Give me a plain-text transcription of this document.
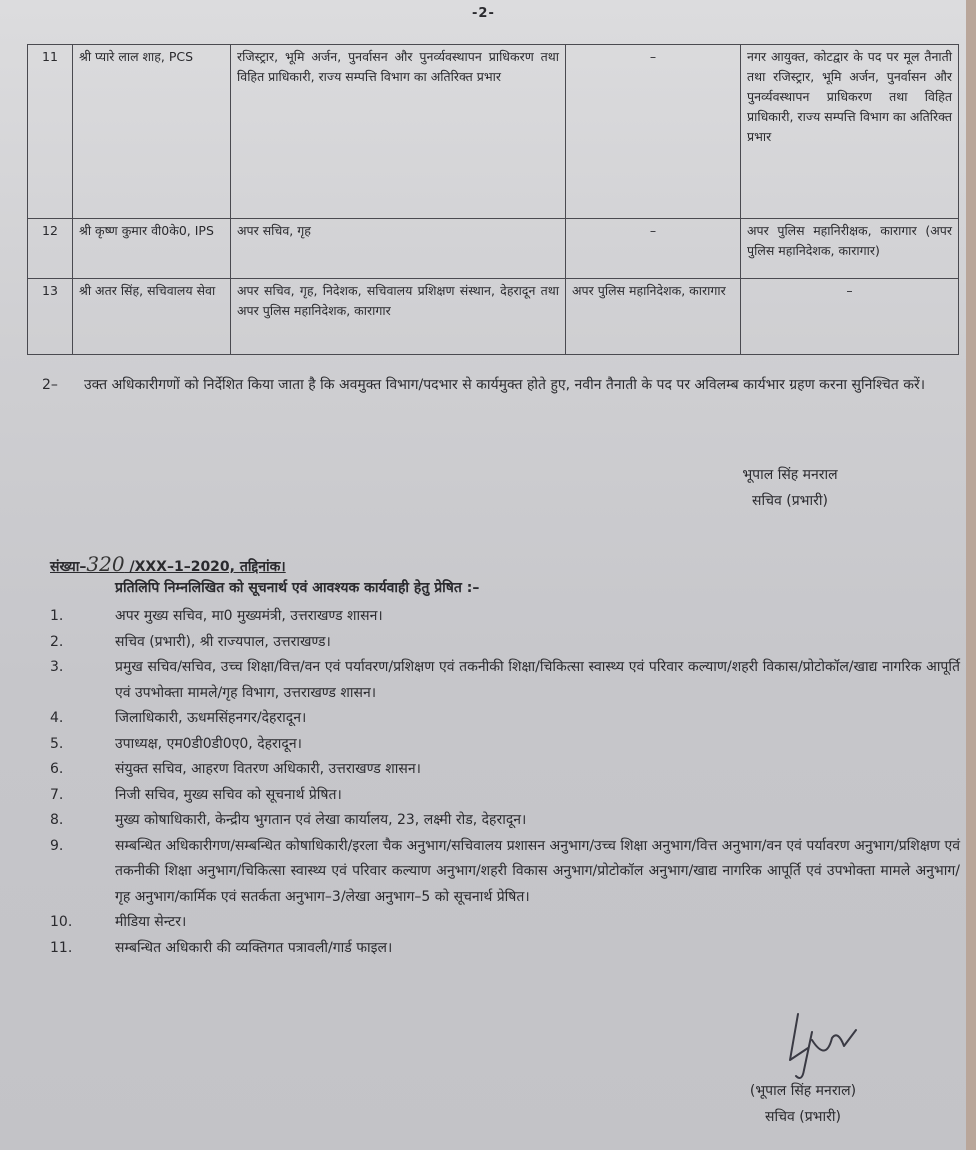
-2-
11	श्री प्यारे लाल शाह, PCS	रजिस्ट्रार, भूमि अर्जन, पुनर्वासन और पुनर्व्यवस्थापन प्राधिकरण तथा विहित प्राधिकारी, राज्य सम्पत्ति विभाग का अतिरिक्त प्रभार	–	नगर आयुक्त, कोटद्वार के पद पर मूल तैनाती तथा रजिस्ट्रार, भूमि अर्जन, पुनर्वासन और पुनर्व्यवस्थापन प्राधिकरण तथा विहित प्राधिकारी, राज्य सम्पत्ति विभाग का अतिरिक्त प्रभार
12	श्री कृष्ण कुमार वी0के0, IPS	अपर सचिव, गृह	–	अपर पुलिस महानिरीक्षक, कारागार (अपर पुलिस महानिदेशक, कारागार)
13	श्री अतर सिंह, सचिवालय सेवा	अपर सचिव, गृह, निदेशक, सचिवालय प्रशिक्षण संस्थान, देहरादून तथा अपर पुलिस महानिदेशक, कारागार	अपर पुलिस महानिदेशक, कारागार	–
2– उक्त अधिकारीगणों को निर्देशित किया जाता है कि अवमुक्त विभाग/पदभार से कार्यमुक्त होते हुए, नवीन तैनाती के पद पर अविलम्ब कार्यभार ग्रहण करना सुनिश्चित करें।
भूपाल सिंह मनराल
सचिव (प्रभारी)
संख्या–320 /XXX–1–2020, तद्दिनांक।
प्रतिलिपि निम्नलिखित को सूचनार्थ एवं आवश्यक कार्यवाही हेतु प्रेषित :–
1.	अपर मुख्य सचिव, मा0 मुख्यमंत्री, उत्तराखण्ड शासन।
2.	सचिव (प्रभारी), श्री राज्यपाल, उत्तराखण्ड।
3.	प्रमुख सचिव/सचिव, उच्च शिक्षा/वित्त/वन एवं पर्यावरण/प्रशिक्षण एवं तकनीकी शिक्षा/चिकित्सा स्वास्थ्य एवं परिवार कल्याण/शहरी विकास/प्रोटोकॉल/खाद्य नागरिक आपूर्ति एवं उपभोक्ता मामले/गृह विभाग, उत्तराखण्ड शासन।
4.	जिलाधिकारी, ऊधमसिंहनगर/देहरादून।
5.	उपाध्यक्ष, एम0डी0डी0ए0, देहरादून।
6.	संयुक्त सचिव, आहरण वितरण अधिकारी, उत्तराखण्ड शासन।
7.	निजी सचिव, मुख्य सचिव को सूचनार्थ प्रेषित।
8.	मुख्य कोषाधिकारी, केन्द्रीय भुगतान एवं लेखा कार्यालय, 23, लक्ष्मी रोड, देहरादून।
9.	सम्बन्धित अधिकारीगण/सम्बन्धित कोषाधिकारी/इरला चैक अनुभाग/सचिवालय प्रशासन अनुभाग/उच्च शिक्षा अनुभाग/वित्त अनुभाग/वन एवं पर्यावरण अनुभाग/प्रशिक्षण एवं तकनीकी शिक्षा अनुभाग/चिकित्सा स्वास्थ्य एवं परिवार कल्याण अनुभाग/शहरी विकास अनुभाग/प्रोटोकॉल अनुभाग/खाद्य नागरिक आपूर्ति एवं उपभोक्ता मामले अनुभाग/गृह अनुभाग/कार्मिक एवं सतर्कता अनुभाग–3/लेखा अनुभाग–5 को सूचनार्थ प्रेषित।
10.	मीडिया सेन्टर।
11.	सम्बन्धित अधिकारी की व्यक्तिगत पत्रावली/गार्ड फाइल।
(भूपाल सिंह मनराल)
सचिव (प्रभारी)
